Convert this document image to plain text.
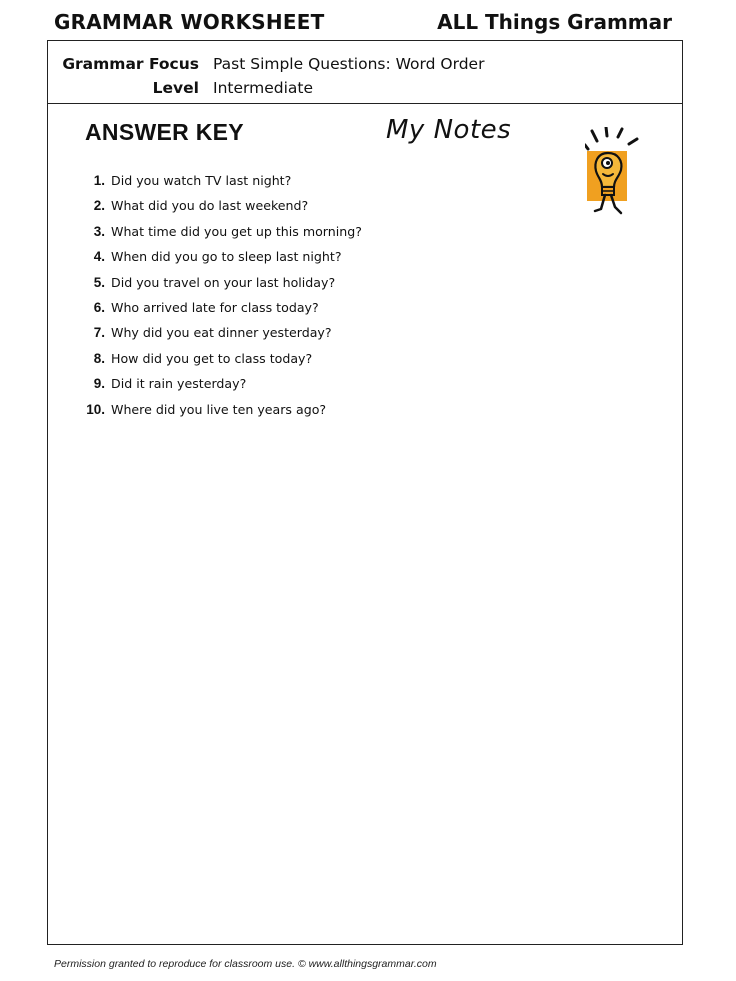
GRAMMAR WORKSHEET	ALL Things Grammar
Grammar Focus Past Simple Questions: Word Order
Level Intermediate
ANSWER KEY	My Notes
1. Did you watch TV last night?
2. What did you do last weekend?
3. What time did you get up this morning?
4. When did you go to sleep last night?
5. Did you travel on your last holiday?
6. Who arrived late for class today?
7. Why did you eat dinner yesterday?
8. How did you get to class today?
9. Did it rain yesterday?
10. Where did you live ten years ago?
Permission granted to reproduce for classroom use. © www.allthingsgrammar.com
